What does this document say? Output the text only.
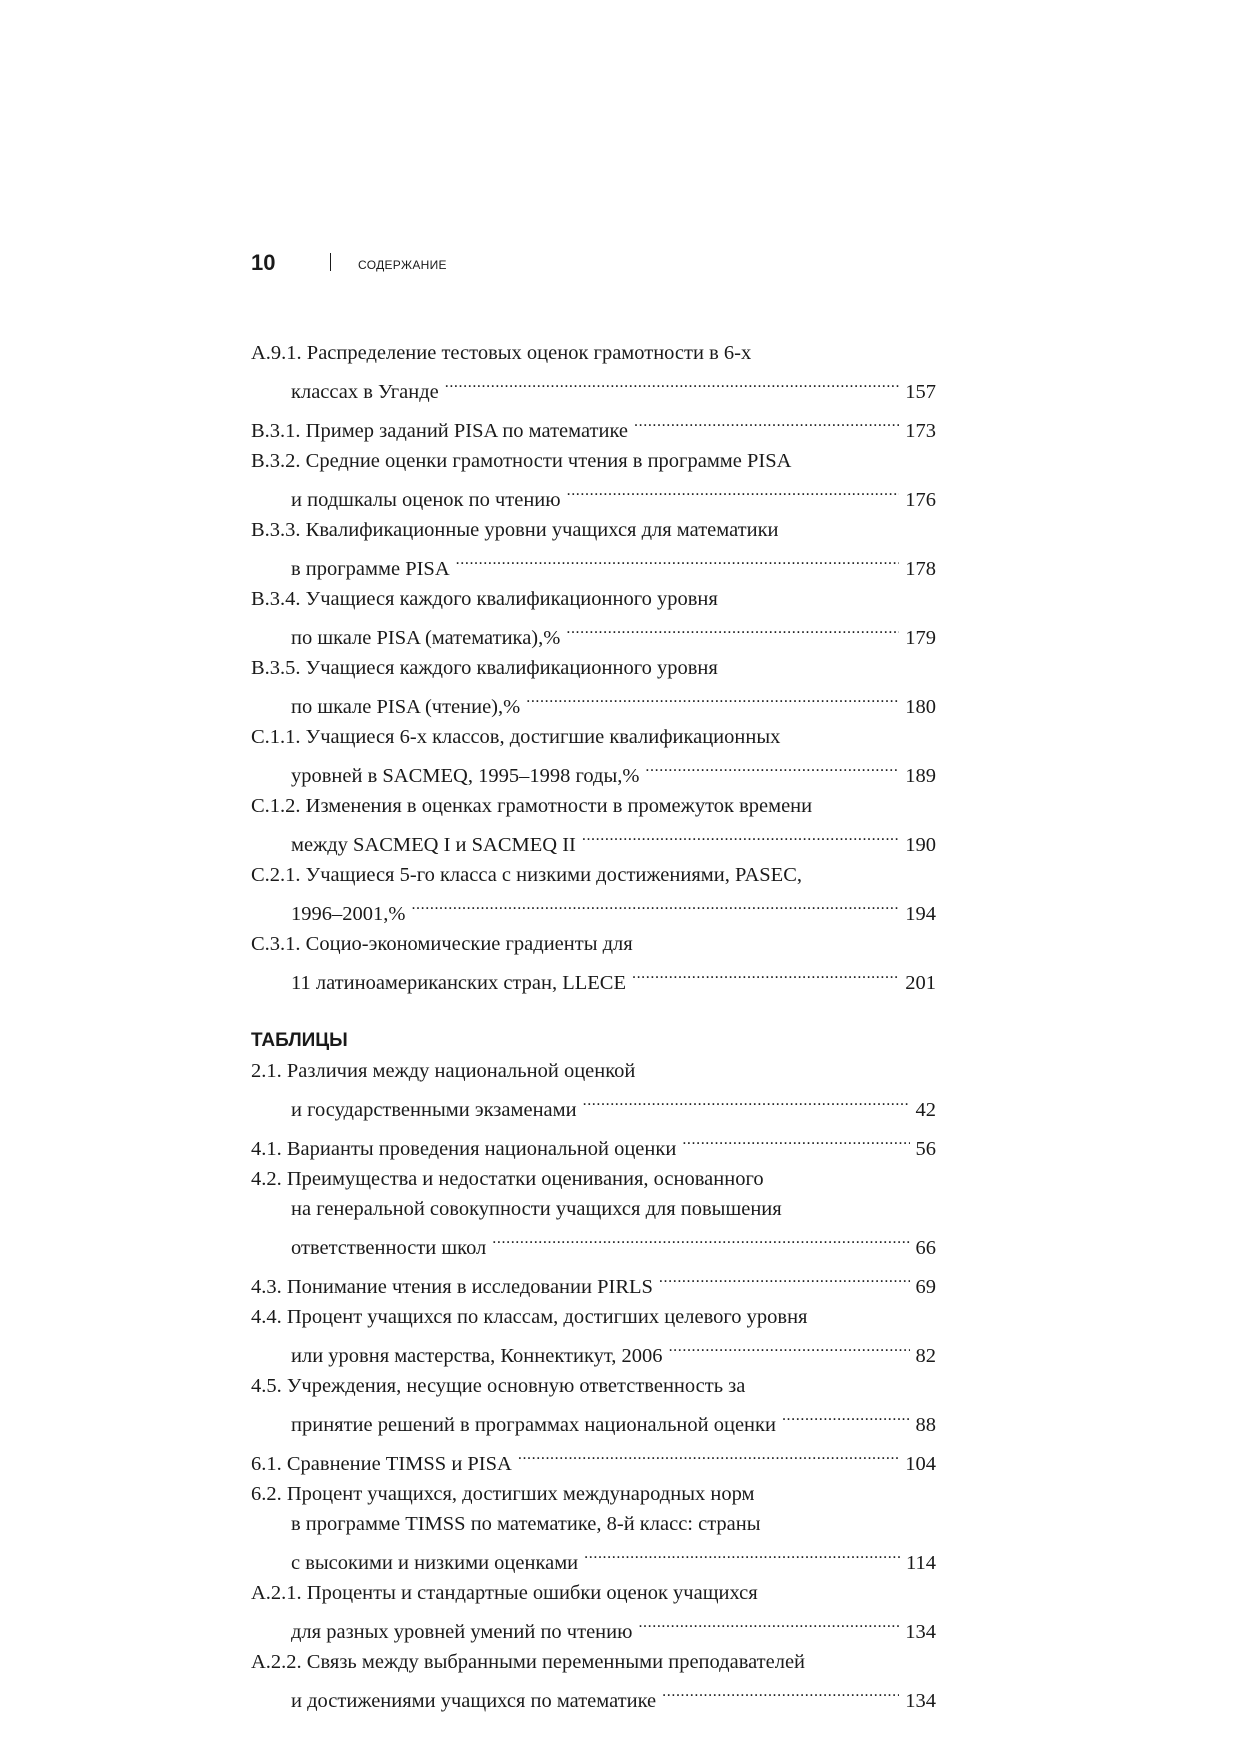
10	СОДЕРЖАНИЕ
A.9.1. Распределение тестовых оценок грамотности в 6-х
классах в Уганде .....	157
B.3.1. Пример заданий PISA по математике .....	173
B.3.2. Средние оценки грамотности чтения в программе PISA
и подшкалы оценок по чтению .....	176
B.3.3. Квалификационные уровни учащихся для математики
в программе PISA .....	178
B.3.4. Учащиеся каждого квалификационного уровня
по шкале PISA (математика),% .....	179
B.3.5. Учащиеся каждого квалификационного уровня
по шкале PISA (чтение),% .....	180
C.1.1. Учащиеся 6-х классов, достигшие квалификационных
уровней в SACMEQ, 1995–1998 годы,% .....	189
C.1.2. Изменения в оценках грамотности в промежуток времени
между SACMEQ I и SACMEQ II .....	190
C.2.1. Учащиеся 5-го класса с низкими достижениями, PASEC,
1996–2001,% .....	194
C.3.1. Социо-экономические градиенты для
11 латиноамериканских стран, LLECE .....	201
ТАБЛИЦЫ
2.1. Различия между национальной оценкой
и государственными экзаменами .....	42
4.1. Варианты проведения национальной оценки .....	56
4.2. Преимущества и недостатки оценивания, основанного
на генеральной совокупности учащихся для повышения
ответственности школ .....	66
4.3. Понимание чтения в исследовании PIRLS .....	69
4.4. Процент учащихся по классам, достигших целевого уровня
или уровня мастерства, Коннектикут, 2006 .....	82
4.5. Учреждения, несущие основную ответственность за
принятие решений в программах национальной оценки .....	88
6.1. Сравнение TIMSS и PISA .....	104
6.2. Процент учащихся, достигших международных норм
в программе TIMSS по математике, 8-й класс: страны
с высокими и низкими оценками .....	114
A.2.1. Проценты и стандартные ошибки оценок учащихся
для разных уровней умений по чтению .....	134
A.2.2. Связь между выбранными переменными преподавателей
и достижениями учащихся по математике .....	134
